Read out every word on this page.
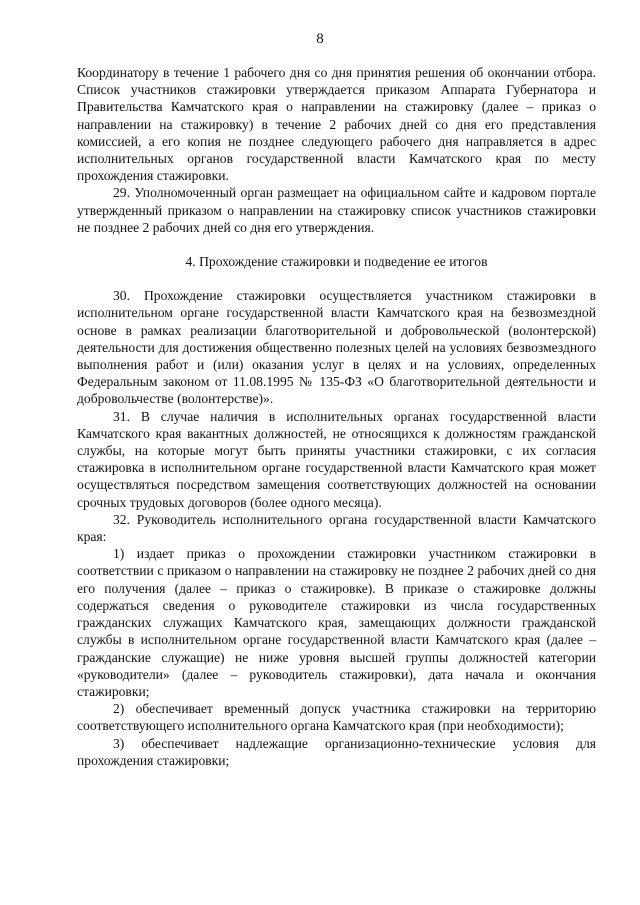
8

Координатору в течение 1 рабочего дня со дня принятия решения об окончании отбора. Список участников стажировки утверждается приказом Аппарата Губернатора и Правительства Камчатского края о направлении на стажировку (далее – приказ о направлении на стажировку) в течение 2 рабочих дней со дня его представления комиссией, а его копия не позднее следующего рабочего дня направляется в адрес исполнительных органов государственной власти Камчатского края по месту прохождения стажировки.

29. Уполномоченный орган размещает на официальном сайте и кадровом портале утвержденный приказом о направлении на стажировку список участников стажировки не позднее 2 рабочих дней со дня его утверждения.

4. Прохождение стажировки и подведение ее итогов

30. Прохождение стажировки осуществляется участником стажировки в исполнительном органе государственной власти Камчатского края на безвозмездной основе в рамках реализации благотворительной и добровольческой (волонтерской) деятельности для достижения общественно полезных целей на условиях безвозмездного выполнения работ и (или) оказания услуг в целях и на условиях, определенных Федеральным законом от 11.08.1995 № 135-ФЗ «О благотворительной деятельности и добровольчестве (волонтерстве)».

31. В случае наличия в исполнительных органах государственной власти Камчатского края вакантных должностей, не относящихся к должностям гражданской службы, на которые могут быть приняты участники стажировки, с их согласия стажировка в исполнительном органе государственной власти Камчатского края может осуществляться посредством замещения соответствующих должностей на основании срочных трудовых договоров (более одного месяца).

32. Руководитель исполнительного органа государственной власти Камчатского края:

1) издает приказ о прохождении стажировки участником стажировки в соответствии с приказом о направлении на стажировку не позднее 2 рабочих дней со дня его получения (далее – приказ о стажировке). В приказе о стажировке должны содержаться сведения о руководителе стажировки из числа государственных гражданских служащих Камчатского края, замещающих должности гражданской службы в исполнительном органе государственной власти Камчатского края (далее – гражданские служащие) не ниже уровня высшей группы должностей категории «руководители» (далее – руководитель стажировки), дата начала и окончания стажировки;

2) обеспечивает временный допуск участника стажировки на территорию соответствующего исполнительного органа Камчатского края (при необходимости);

3) обеспечивает надлежащие организационно-технические условия для прохождения стажировки;
